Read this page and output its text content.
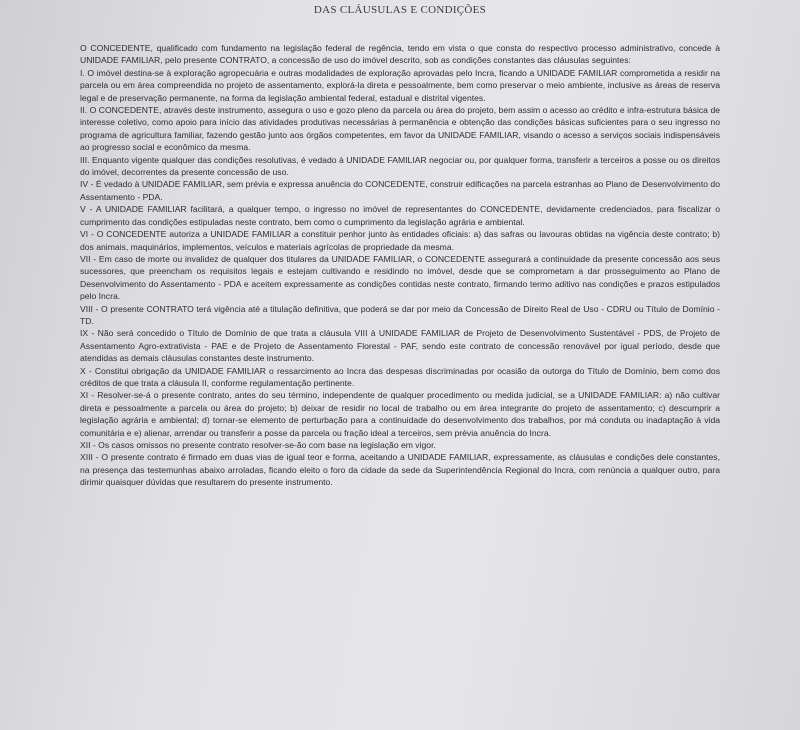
DAS CLÁUSULAS E CONDIÇÕES

O CONCEDENTE, qualificado com fundamento na legislação federal de regência, tendo em vista o que consta do respectivo processo administrativo, concede à UNIDADE FAMILIAR, pelo presente CONTRATO, a concessão de uso do imóvel descrito, sob as condições constantes das cláusulas seguintes:

I. O imóvel destina-se à exploração agropecuária e outras modalidades de exploração aprovadas pelo Incra, ficando a UNIDADE FAMILIAR comprometida a residir na parcela ou em área compreendida no projeto de assentamento, explorá-la direta e pessoalmente, bem como preservar o meio ambiente, inclusive as áreas de reserva legal e de preservação permanente, na forma da legislação ambiental federal, estadual e distrital vigentes.

II. O CONCEDENTE, através deste instrumento, assegura o uso e gozo pleno da parcela ou área do projeto, bem assim o acesso ao crédito e infra-estrutura básica de interesse coletivo, como apoio para início das atividades produtivas necessárias à permanência e obtenção das condições básicas suficientes para o seu ingresso no programa de agricultura familiar, fazendo gestão junto aos órgãos competentes, em favor da UNIDADE FAMILIAR, visando o acesso a serviços sociais indispensáveis ao progresso social e econômico da mesma.

III. Enquanto vigente qualquer das condições resolutivas, é vedado à UNIDADE FAMILIAR negociar ou, por qualquer forma, transferir a terceiros a posse ou os direitos do imóvel, decorrentes da presente concessão de uso.

IV - É vedado à UNIDADE FAMILIAR, sem prévia e expressa anuência do CONCEDENTE, construir edificações na parcela estranhas ao Plano de Desenvolvimento do Assentamento - PDA.

V - A UNIDADE FAMILIAR facilitará, a qualquer tempo, o ingresso no imóvel de representantes do CONCEDENTE, devidamente credenciados, para fiscalizar o cumprimento das condições estipuladas neste contrato, bem como o cumprimento da legislação agrária e ambiental.

VI - O CONCEDENTE autoriza a UNIDADE FAMILIAR a constituir penhor junto às entidades oficiais: a) das safras ou lavouras obtidas na vigência deste contrato; b) dos animais, maquinários, implementos, veículos e materiais agrícolas de propriedade da mesma.

VII - Em caso de morte ou invalidez de qualquer dos titulares da UNIDADE FAMILIAR, o CONCEDENTE assegurará a continuidade da presente concessão aos seus sucessores, que preencham os requisitos legais e estejam cultivando e residindo no imóvel, desde que se comprometam a dar prosseguimento ao Plano de Desenvolvimento do Assentamento - PDA e aceitem expressamente as condições contidas neste contrato, firmando termo aditivo nas condições e prazos estipulados pelo Incra.

VIII - O presente CONTRATO terá vigência até a titulação definitiva, que poderá se dar por meio da Concessão de Direito Real de Uso - CDRU ou Título de Domínio - TD.

IX - Não será concedido o Título de Domínio de que trata a cláusula VIII à UNIDADE FAMILIAR de Projeto de Desenvolvimento Sustentável - PDS, de Projeto de Assentamento Agro-extrativista - PAE e de Projeto de Assentamento Florestal - PAF, sendo este contrato de concessão renovável por igual período, desde que atendidas as demais cláusulas constantes deste instrumento.

X - Constitui obrigação da UNIDADE FAMILIAR o ressarcimento ao Incra das despesas discriminadas por ocasião da outorga do Título de Domínio, bem como dos créditos de que trata a cláusula II, conforme regulamentação pertinente.

XI - Resolver-se-á o presente contrato, antes do seu término, independente de qualquer procedimento ou medida judicial, se a UNIDADE FAMILIAR: a) não cultivar direta e pessoalmente a parcela ou área do projeto; b) deixar de residir no local de trabalho ou em área integrante do projeto de assentamento; c) descumprir a legislação agrária e ambiental; d) tornar-se elemento de perturbação para a continuidade do desenvolvimento dos trabalhos, por má conduta ou inadaptação à vida comunitária e e) alienar, arrendar ou transferir a posse da parcela ou fração ideal a terceiros, sem prévia anuência do Incra.

XII - Os casos omissos no presente contrato resolver-se-ão com base na legislação em vigor.

XIII - O presente contrato é firmado em duas vias de igual teor e forma, aceitando a UNIDADE FAMILIAR, expressamente, as cláusulas e condições dele constantes, na presença das testemunhas abaixo arroladas, ficando eleito o foro da cidade da sede da Superintendência Regional do Incra, com renúncia a qualquer outro, para dirimir quaisquer dúvidas que resultarem do presente instrumento.
